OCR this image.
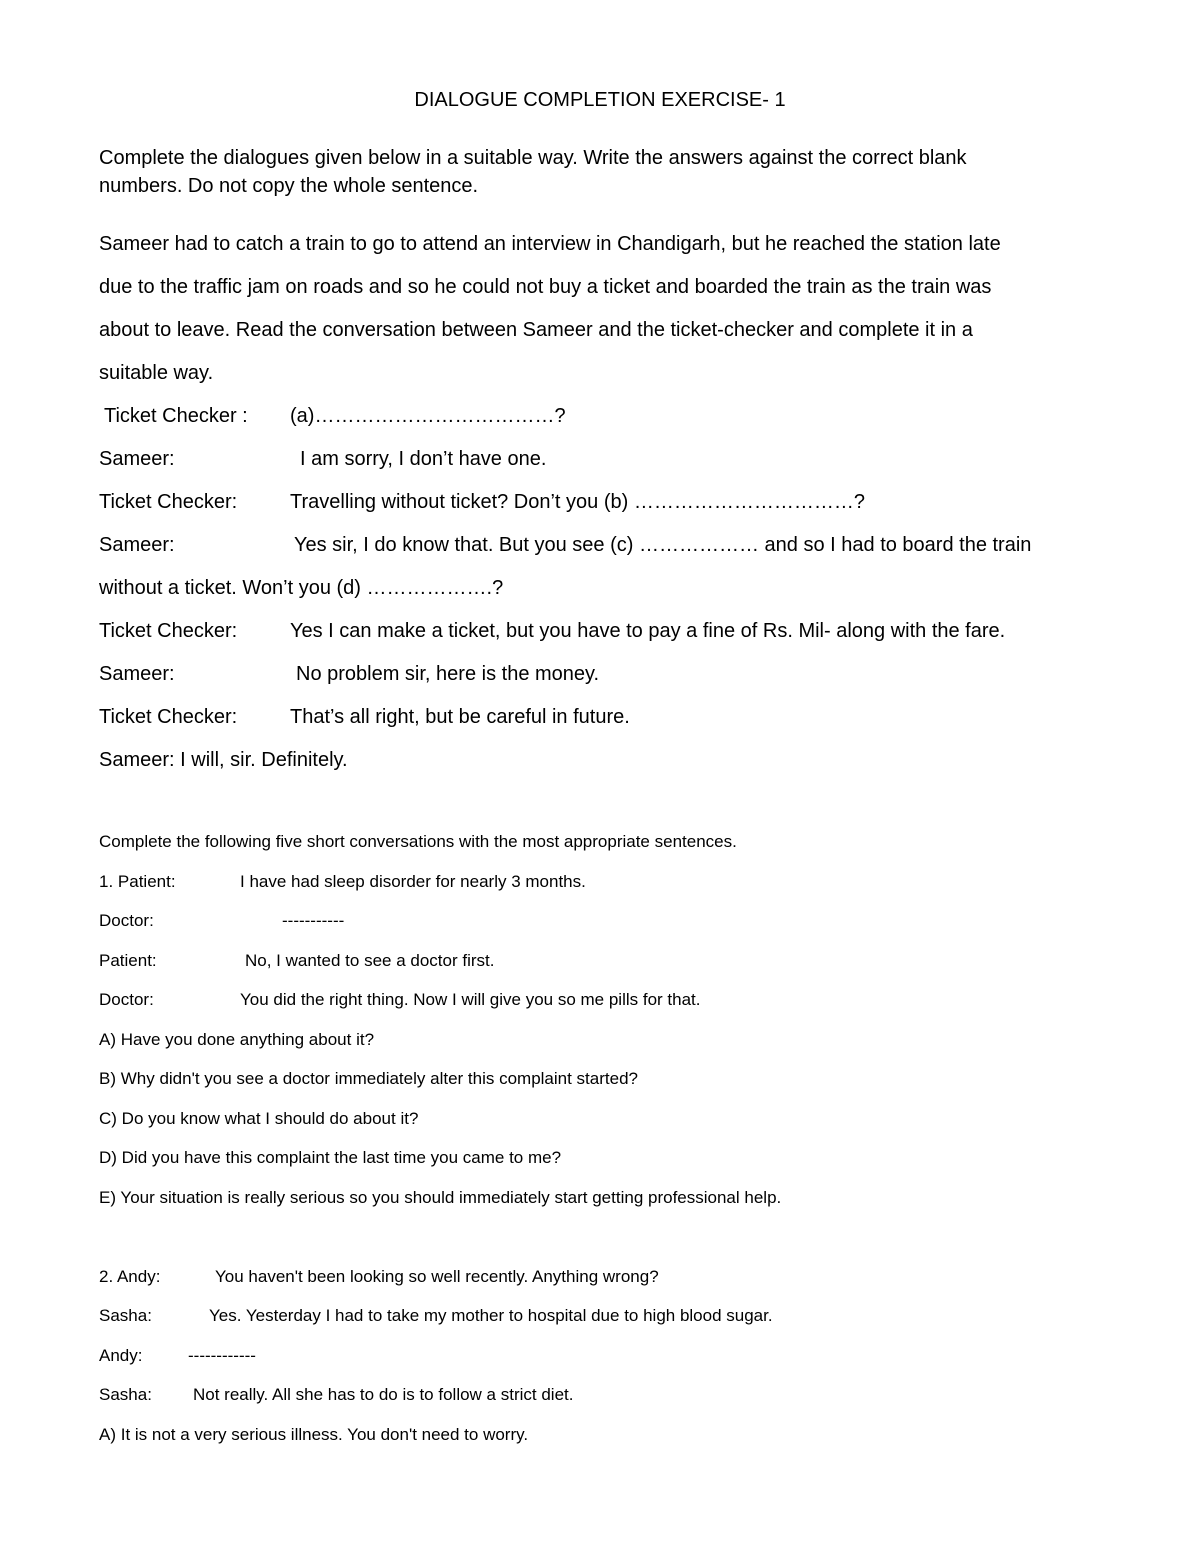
DIALOGUE COMPLETION EXERCISE- 1
Complete the dialogues given below in a suitable way. Write the answers against the correct blank
numbers. Do not copy the whole sentence.
Sameer had to catch a train to go to attend an interview in Chandigarh, but he reached the station late
due to the traffic jam on roads and so he could not buy a ticket and boarded the train as the train was
about to leave. Read the conversation between Sameer and the ticket-checker and complete it in a
suitable way.
Ticket Checker : (a)………………………………?
Sameer:	I am sorry, I don’t have one.
Ticket Checker:	Travelling without ticket? Don’t you (b) ……………………………?
Sameer:	Yes sir, I do know that. But you see (c) ……………… and so I had to board the train
without a ticket. Won’t you (d) ……………….?
Ticket Checker:	Yes I can make a ticket, but you have to pay a fine of Rs. Mil- along with the fare.
Sameer:	No problem sir, here is the money.
Ticket Checker:	That’s all right, but be careful in future.
Sameer: I will, sir. Definitely.
Complete the following five short conversations with the most appropriate sentences.
1. Patient:	I have had sleep disorder for nearly 3 months.
Doctor:	-----------
Patient:	No, I wanted to see a doctor first.
Doctor:	You did the right thing. Now I will give you so me pills for that.
A) Have you done anything about it?
B) Why didn't you see a doctor immediately alter this complaint started?
C) Do you know what I should do about it?
D) Did you have this complaint the last time you came to me?
E) Your situation is really serious so you should immediately start getting professional help.
2. Andy:	You haven't been looking so well recently. Anything wrong?
Sasha:	Yes. Yesterday I had to take my mother to hospital due to high blood sugar.
Andy:	------------
Sasha: Not really. All she has to do is to follow a strict diet.
A) It is not a very serious illness. You don't need to worry.
